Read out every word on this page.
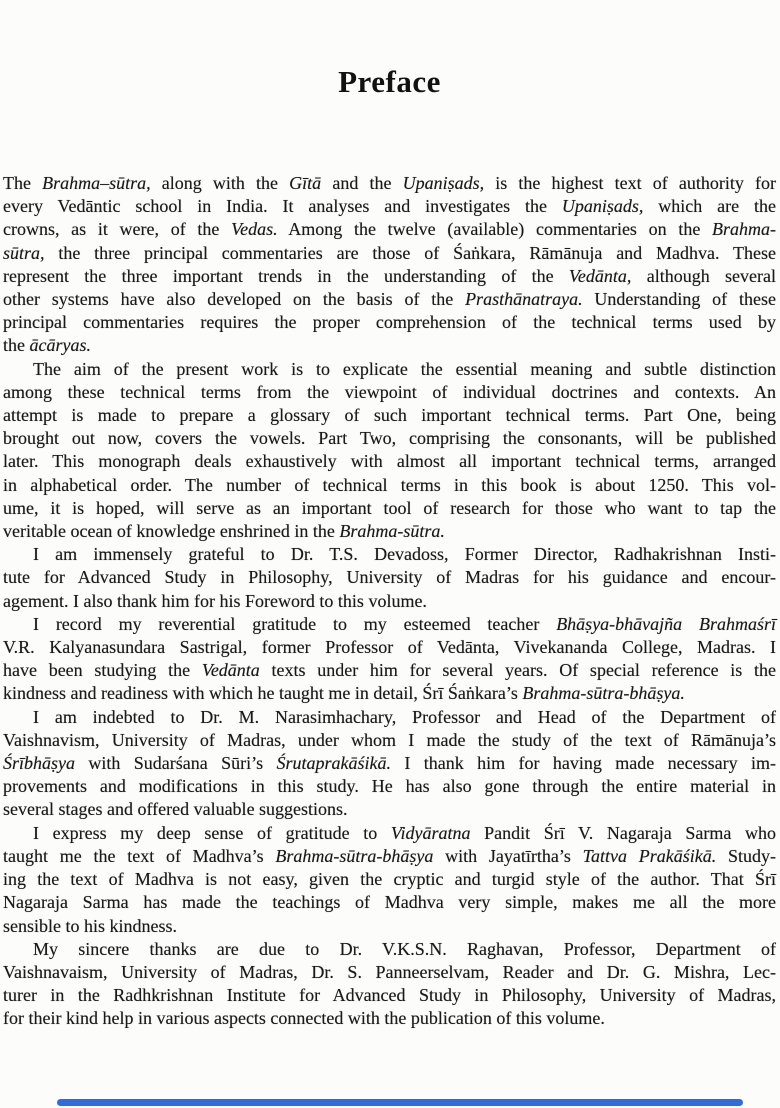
Preface
The Brahma–sūtra, along with the Gītā and the Upaniṣads, is the highest text of authority for
every Vedāntic school in India. It analyses and investigates the Upaniṣads, which are the
crowns, as it were, of the Vedas. Among the twelve (available) commentaries on the Brahma-
sūtra, the three principal commentaries are those of Śaṅkara, Rāmānuja and Madhva. These
represent the three important trends in the understanding of the Vedānta, although several
other systems have also developed on the basis of the Prasthānatraya. Understanding of these
principal commentaries requires the proper comprehension of the technical terms used by
the ācāryas.
The aim of the present work is to explicate the essential meaning and subtle distinction
among these technical terms from the viewpoint of individual doctrines and contexts. An
attempt is made to prepare a glossary of such important technical terms. Part One, being
brought out now, covers the vowels. Part Two, comprising the consonants, will be published
later. This monograph deals exhaustively with almost all important technical terms, arranged
in alphabetical order. The number of technical terms in this book is about 1250. This vol-
ume, it is hoped, will serve as an important tool of research for those who want to tap the
veritable ocean of knowledge enshrined in the Brahma-sūtra.
I am immensely grateful to Dr. T.S. Devadoss, Former Director, Radhakrishnan Insti-
tute for Advanced Study in Philosophy, University of Madras for his guidance and encour-
agement. I also thank him for his Foreword to this volume.
I record my reverential gratitude to my esteemed teacher Bhāṣya-bhāvajña Brahmaśrī
V.R. Kalyanasundara Sastrigal, former Professor of Vedānta, Vivekananda College, Madras. I
have been studying the Vedānta texts under him for several years. Of special reference is the
kindness and readiness with which he taught me in detail, Śrī Śaṅkara’s Brahma-sūtra-bhāṣya.
I am indebted to Dr. M. Narasimhachary, Professor and Head of the Department of
Vaishnavism, University of Madras, under whom I made the study of the text of Rāmānuja’s
Śrībhāṣya with Sudarśana Sūri’s Śrutaprakāśikā. I thank him for having made necessary im-
provements and modifications in this study. He has also gone through the entire material in
several stages and offered valuable suggestions.
I express my deep sense of gratitude to Vidyāratna Pandit Śrī V. Nagaraja Sarma who
taught me the text of Madhva’s Brahma-sūtra-bhāṣya with Jayatīrtha’s Tattva Prakāśikā. Study-
ing the text of Madhva is not easy, given the cryptic and turgid style of the author. That Śrī
Nagaraja Sarma has made the teachings of Madhva very simple, makes me all the more
sensible to his kindness.
My sincere thanks are due to Dr. V.K.S.N. Raghavan, Professor, Department of
Vaishnavaism, University of Madras, Dr. S. Panneerselvam, Reader and Dr. G. Mishra, Lec-
turer in the Radhkrishnan Institute for Advanced Study in Philosophy, University of Madras,
for their kind help in various aspects connected with the publication of this volume.
